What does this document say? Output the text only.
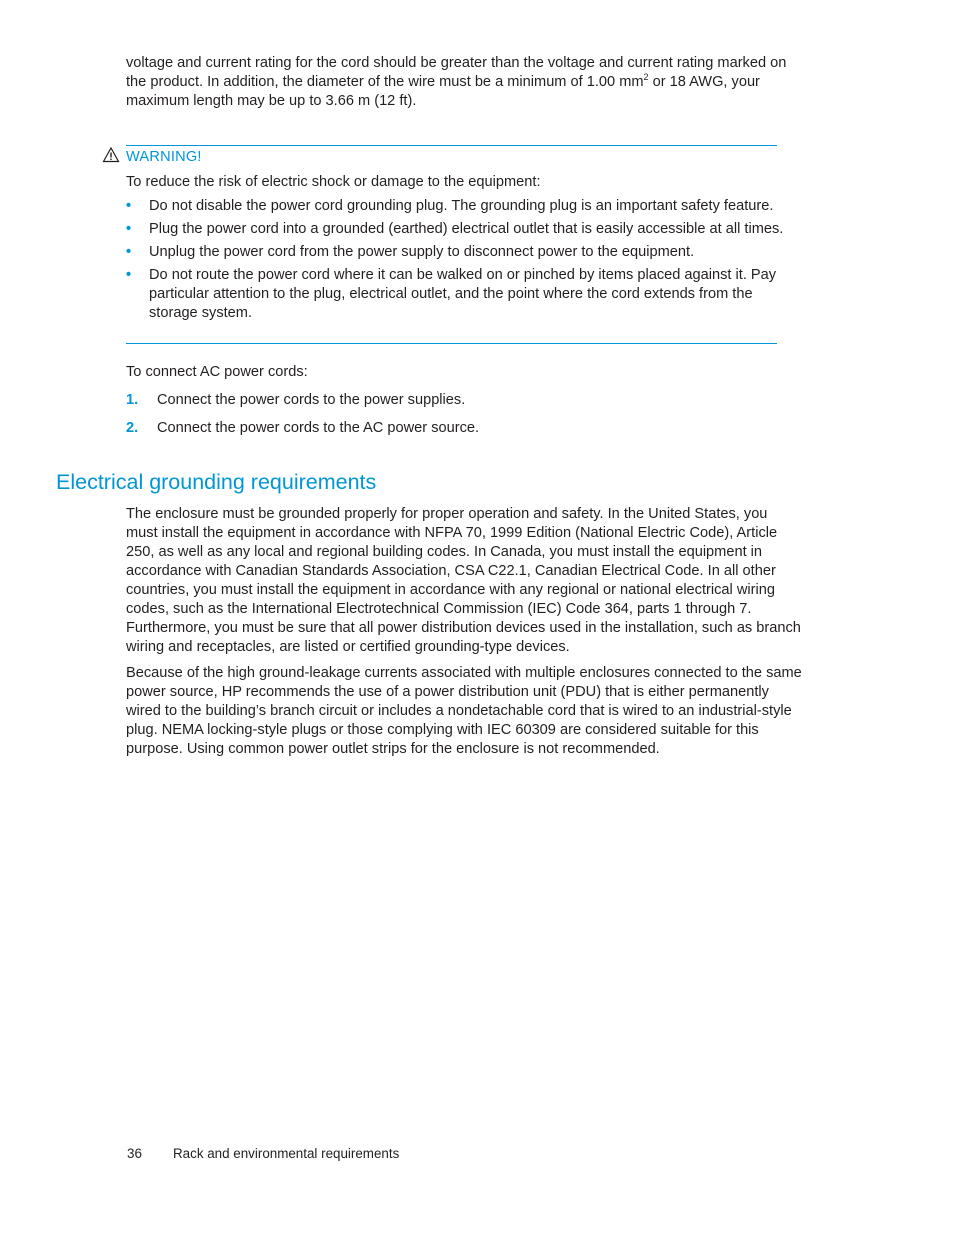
voltage and current rating for the cord should be greater than the voltage and current rating marked on the product. In addition, the diameter of the wire must be a minimum of 1.00 $mm^2$ or 18 AWG, your maximum length may be up to 3.66 m (12 ft).
WARNING!
To reduce the risk of electric shock or damage to the equipment:
• Do not disable the power cord grounding plug. The grounding plug is an important safety feature.
• Plug the power cord into a grounded (earthed) electrical outlet that is easily accessible at all times.
• Unplug the power cord from the power supply to disconnect power to the equipment.
• Do not route the power cord where it can be walked on or pinched by items placed against it. Pay particular attention to the plug, electrical outlet, and the point where the cord extends from the storage system.
To connect AC power cords:
1. Connect the power cords to the power supplies.
2. Connect the power cords to the AC power source.
Electrical grounding requirements
The enclosure must be grounded properly for proper operation and safety. In the United States, you must install the equipment in accordance with NFPA 70, 1999 Edition (National Electric Code), Article 250, as well as any local and regional building codes. In Canada, you must install the equipment in accordance with Canadian Standards Association, CSA C22.1, Canadian Electrical Code. In all other countries, you must install the equipment in accordance with any regional or national electrical wiring codes, such as the International Electrotechnical Commission (IEC) Code 364, parts 1 through 7. Furthermore, you must be sure that all power distribution devices used in the installation, such as branch wiring and receptacles, are listed or certified grounding-type devices.
Because of the high ground-leakage currents associated with multiple enclosures connected to the same power source, HP recommends the use of a power distribution unit (PDU) that is either permanently wired to the building’s branch circuit or includes a nondetachable cord that is wired to an industrial-style plug. NEMA locking-style plugs or those complying with IEC 60309 are considered suitable for this purpose. Using common power outlet strips for the enclosure is not recommended.
36 Rack and environmental requirements
